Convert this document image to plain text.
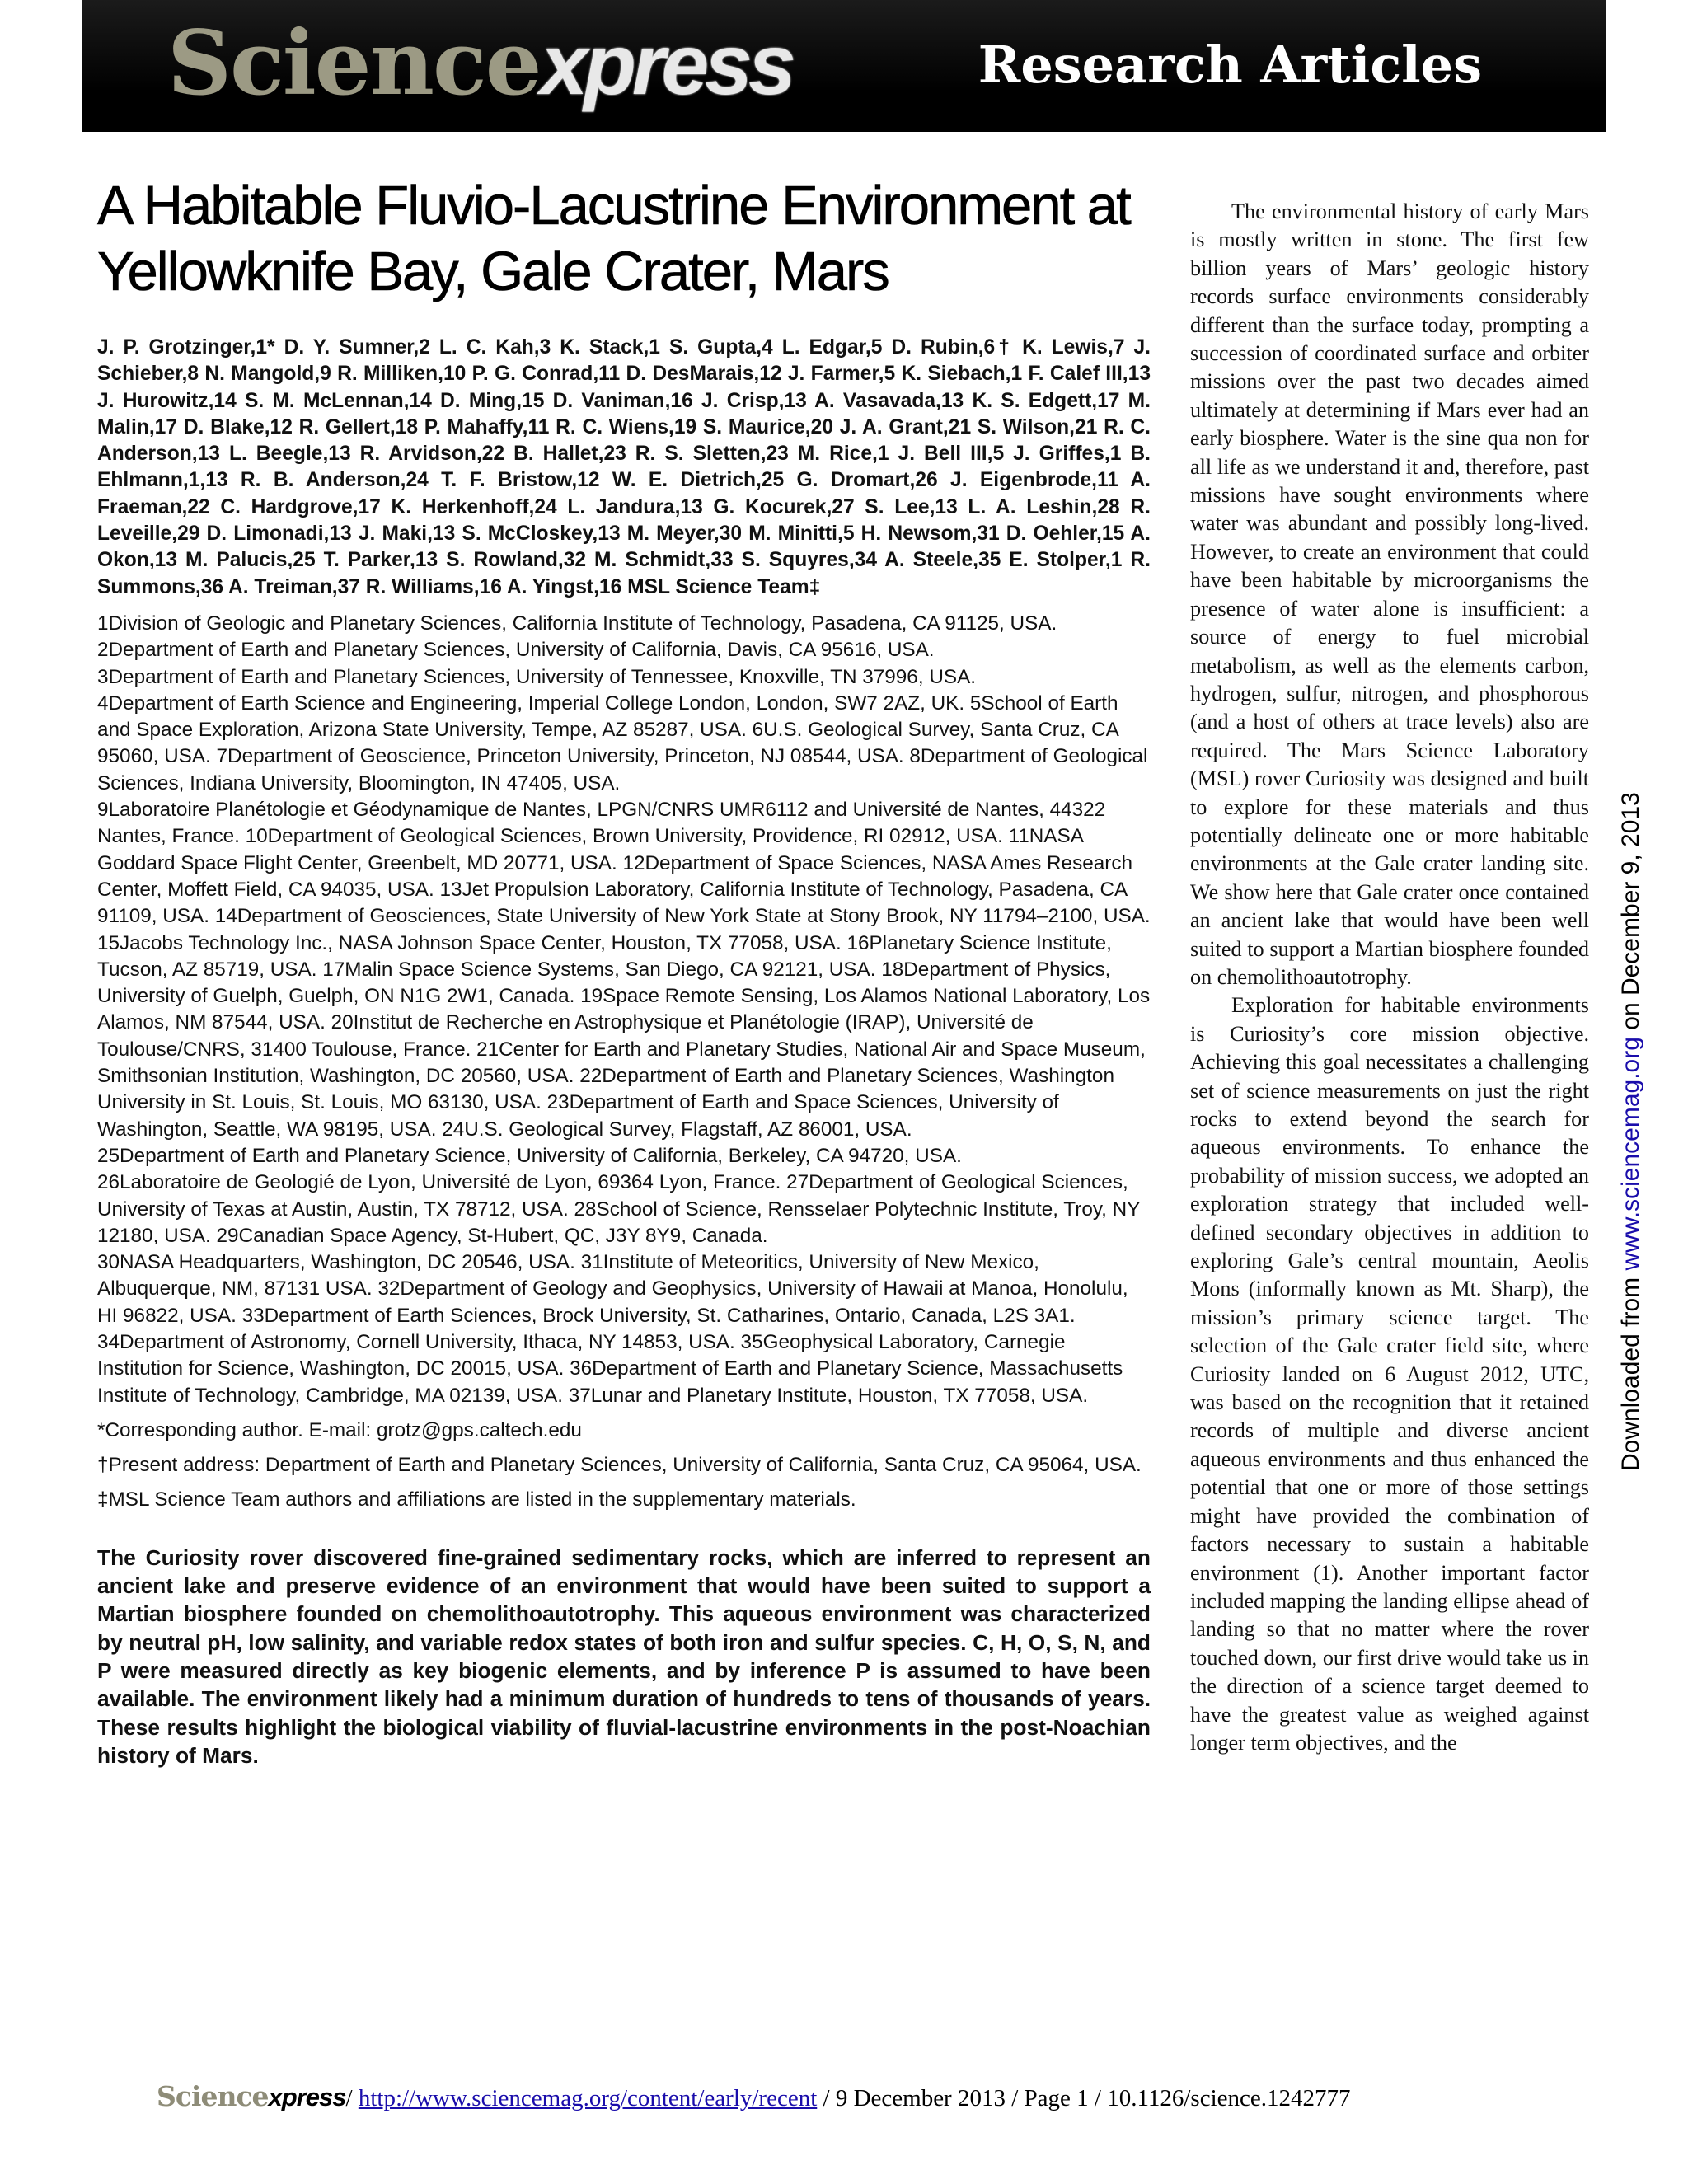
Sciencexpress	Research Articles
A Habitable Fluvio-Lacustrine Environment at Yellowknife Bay, Gale Crater, Mars

J. P. Grotzinger,1* D. Y. Sumner,2 L. C. Kah,3 K. Stack,1 S. Gupta,4 L. Edgar,5 D. Rubin,6† K. Lewis,7 J. Schieber,8 N. Mangold,9 R. Milliken,10 P. G. Conrad,11 D. DesMarais,12 J. Farmer,5 K. Siebach,1 F. Calef III,13 J. Hurowitz,14 S. M. McLennan,14 D. Ming,15 D. Vaniman,16 J. Crisp,13 A. Vasavada,13 K. S. Edgett,17 M. Malin,17 D. Blake,12 R. Gellert,18 P. Mahaffy,11 R. C. Wiens,19 S. Maurice,20 J. A. Grant,21 S. Wilson,21 R. C. Anderson,13 L. Beegle,13 R. Arvidson,22 B. Hallet,23 R. S. Sletten,23 M. Rice,1 J. Bell III,5 J. Griffes,1 B. Ehlmann,1,13 R. B. Anderson,24 T. F. Bristow,12 W. E. Dietrich,25 G. Dromart,26 J. Eigenbrode,11 A. Fraeman,22 C. Hardgrove,17 K. Herkenhoff,24 L. Jandura,13 G. Kocurek,27 S. Lee,13 L. A. Leshin,28 R. Leveille,29 D. Limonadi,13 J. Maki,13 S. McCloskey,13 M. Meyer,30 M. Minitti,5 H. Newsom,31 D. Oehler,15 A. Okon,13 M. Palucis,25 T. Parker,13 S. Rowland,32 M. Schmidt,33 S. Squyres,34 A. Steele,35 E. Stolper,1 R. Summons,36 A. Treiman,37 R. Williams,16 A. Yingst,16 MSL Science Team‡

1Division of Geologic and Planetary Sciences, California Institute of Technology, Pasadena, CA 91125, USA. 2Department of Earth and Planetary Sciences, University of California, Davis, CA 95616, USA.
3Department of Earth and Planetary Sciences, University of Tennessee, Knoxville, TN 37996, USA.
4Department of Earth Science and Engineering, Imperial College London, London, SW7 2AZ, UK. 5School of Earth and Space Exploration, Arizona State University, Tempe, AZ 85287, USA. 6U.S. Geological Survey, Santa Cruz, CA 95060, USA. 7Department of Geoscience, Princeton University, Princeton, NJ 08544, USA. 8Department of Geological Sciences, Indiana University, Bloomington, IN 47405, USA.
9Laboratoire Planétologie et Géodynamique de Nantes, LPGN/CNRS UMR6112 and Université de Nantes, 44322 Nantes, France. 10Department of Geological Sciences, Brown University, Providence, RI 02912, USA. 11NASA Goddard Space Flight Center, Greenbelt, MD 20771, USA. 12Department of Space Sciences, NASA Ames Research Center, Moffett Field, CA 94035, USA. 13Jet Propulsion Laboratory, California Institute of Technology, Pasadena, CA 91109, USA. 14Department of Geosciences, State University of New York State at Stony Brook, NY 11794–2100, USA. 15Jacobs Technology Inc., NASA Johnson Space Center, Houston, TX 77058, USA. 16Planetary Science Institute, Tucson, AZ 85719, USA. 17Malin Space Science Systems, San Diego, CA 92121, USA. 18Department of Physics, University of Guelph, Guelph, ON N1G 2W1, Canada. 19Space Remote Sensing, Los Alamos National Laboratory, Los Alamos, NM 87544, USA. 20Institut de Recherche en Astrophysique et Planétologie (IRAP), Université de Toulouse/CNRS, 31400 Toulouse, France. 21Center for Earth and Planetary Studies, National Air and Space Museum, Smithsonian Institution, Washington, DC 20560, USA. 22Department of Earth and Planetary Sciences, Washington University in St. Louis, St. Louis, MO 63130, USA. 23Department of Earth and Space Sciences, University of Washington, Seattle, WA 98195, USA. 24U.S. Geological Survey, Flagstaff, AZ 86001, USA.
25Department of Earth and Planetary Science, University of California, Berkeley, CA 94720, USA.
26Laboratoire de Geologié de Lyon, Université de Lyon, 69364 Lyon, France. 27Department of Geological Sciences, University of Texas at Austin, Austin, TX 78712, USA. 28School of Science, Rensselaer Polytechnic Institute, Troy, NY 12180, USA. 29Canadian Space Agency, St-Hubert, QC, J3Y 8Y9, Canada.
30NASA Headquarters, Washington, DC 20546, USA. 31Institute of Meteoritics, University of New Mexico, Albuquerque, NM, 87131 USA. 32Department of Geology and Geophysics, University of Hawaii at Manoa, Honolulu, HI 96822, USA. 33Department of Earth Sciences, Brock University, St. Catharines, Ontario, Canada, L2S 3A1. 34Department of Astronomy, Cornell University, Ithaca, NY 14853, USA. 35Geophysical Laboratory, Carnegie Institution for Science, Washington, DC 20015, USA. 36Department of Earth and Planetary Science, Massachusetts Institute of Technology, Cambridge, MA 02139, USA. 37Lunar and Planetary Institute, Houston, TX 77058, USA.

*Corresponding author. E-mail: grotz@gps.caltech.edu

†Present address: Department of Earth and Planetary Sciences, University of California, Santa Cruz, CA 95064, USA.

‡MSL Science Team authors and affiliations are listed in the supplementary materials.

The Curiosity rover discovered fine-grained sedimentary rocks, which are inferred to represent an ancient lake and preserve evidence of an environment that would have been suited to support a Martian biosphere founded on chemolithoautotrophy. This aqueous environment was characterized by neutral pH, low salinity, and variable redox states of both iron and sulfur species. C, H, O, S, N, and P were measured directly as key biogenic elements, and by inference P is assumed to have been available. The environment likely had a minimum duration of hundreds to tens of thousands of years. These results highlight the biological viability of fluvial-lacustrine environments in the post-Noachian history of Mars.

The environmental history of early Mars is mostly written in stone. The first few billion years of Mars’ geologic history records surface environments considerably different than the surface today, prompting a succession of coordinated surface and orbiter missions over the past two decades aimed ultimately at determining if Mars ever had an early biosphere. Water is the sine qua non for all life as we understand it and, therefore, past missions have sought environments where water was abundant and possibly long-lived. However, to create an environment that could have been habitable by microorganisms the presence of water alone is insufficient: a source of energy to fuel microbial metabolism, as well as the elements carbon, hydrogen, sulfur, nitrogen, and phosphorous (and a host of others at trace levels) also are required. The Mars Science Laboratory (MSL) rover Curiosity was designed and built to explore for these materials and thus potentially delineate one or more habitable environments at the Gale crater landing site. We show here that Gale crater once contained an ancient lake that would have been well suited to support a Martian biosphere founded on chemolithoautotrophy.

Exploration for habitable environments is Curiosity’s core mission objective. Achieving this goal necessitates a challenging set of science measurements on just the right rocks to extend beyond the search for aqueous environments. To enhance the probability of mission success, we adopted an exploration strategy that included well-defined secondary objectives in addition to exploring Gale’s central mountain, Aeolis Mons (informally known as Mt. Sharp), the mission’s primary science target. The selection of the Gale crater field site, where Curiosity landed on 6 August 2012, UTC, was based on the recognition that it retained records of multiple and diverse ancient aqueous environments and thus enhanced the potential that one or more of those settings might have provided the combination of factors necessary to sustain a habitable environment (1). Another important factor included mapping the landing ellipse ahead of landing so that no matter where the rover touched down, our first drive would take us in the direction of a science target deemed to have the greatest value as weighed against longer term objectives, and the

Downloaded from www.sciencemag.org on December 9, 2013
Sciencexpress/ http://www.sciencemag.org/content/early/recent / 9 December 2013 / Page 1 / 10.1126/science.1242777
